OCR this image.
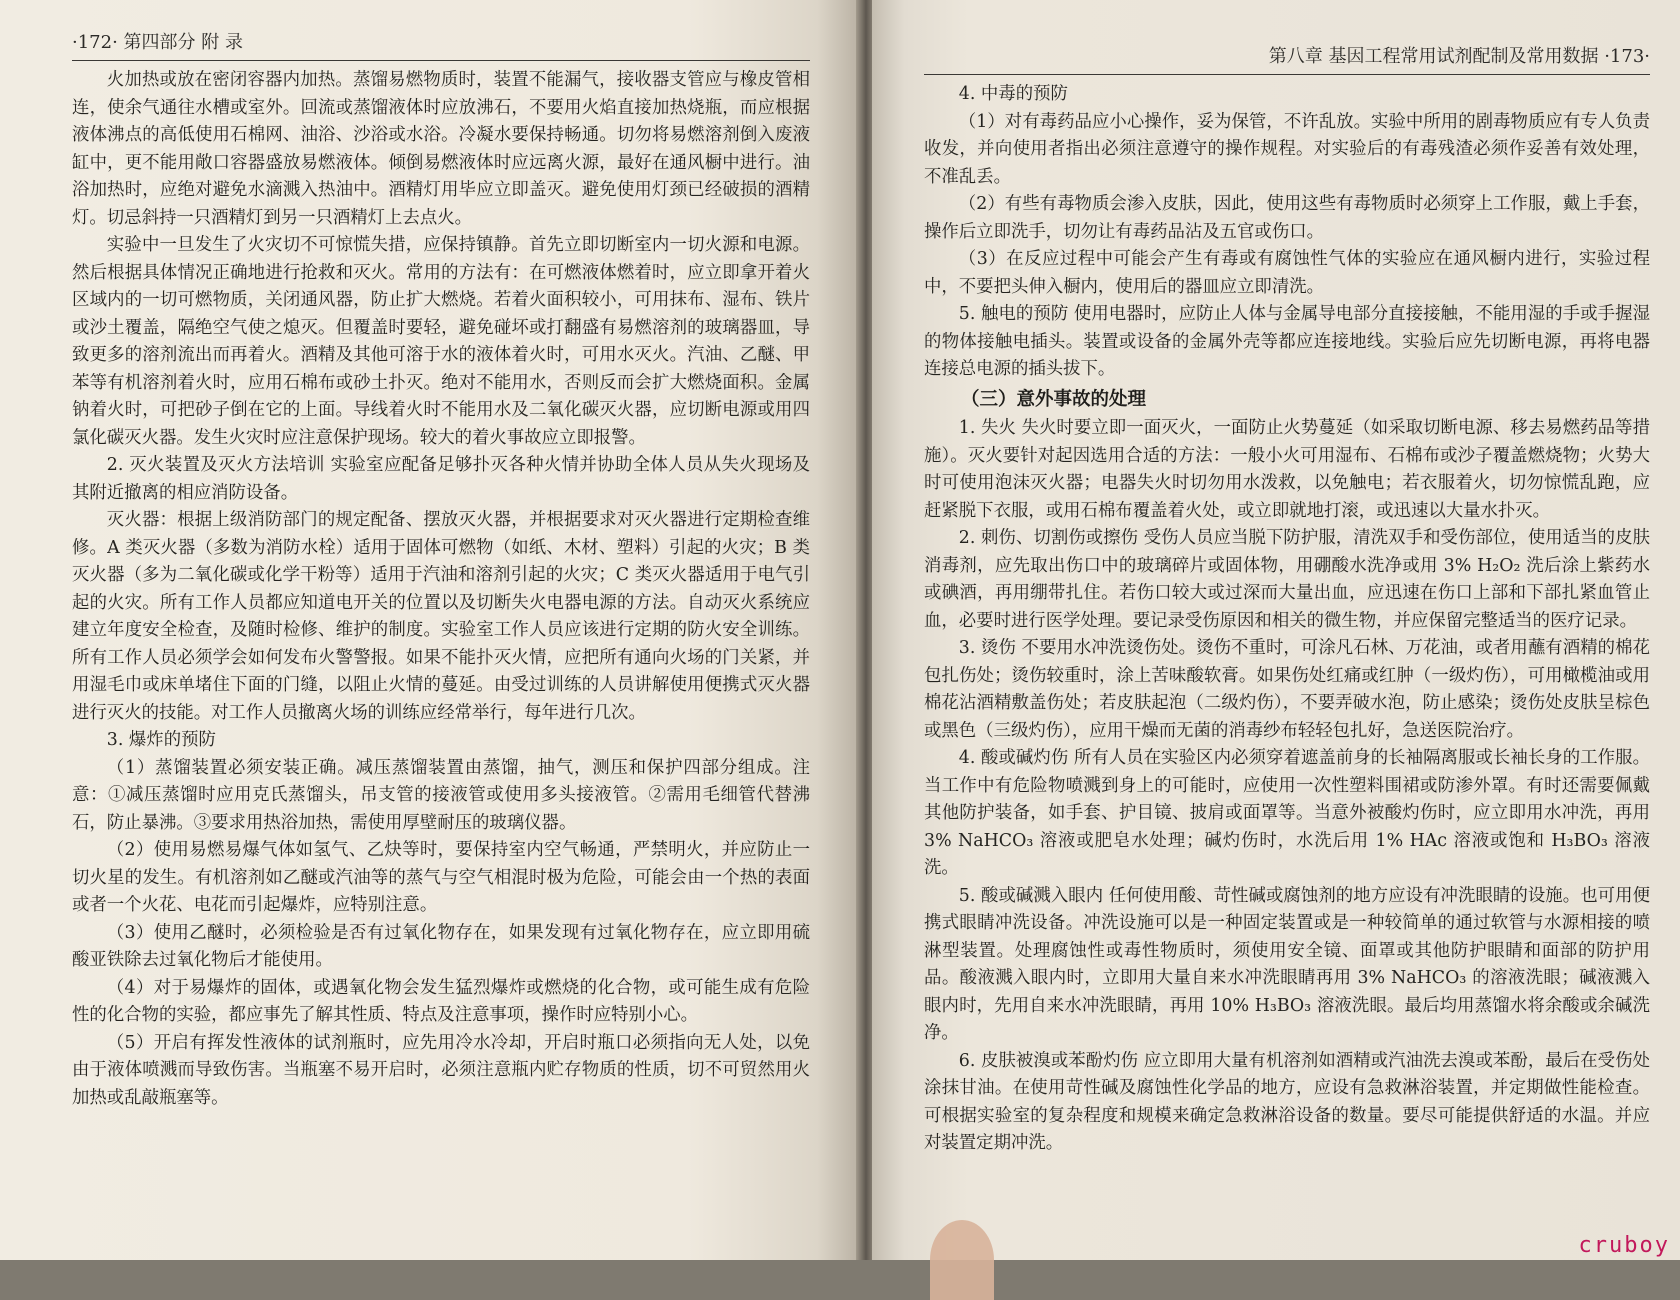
·172· 第四部分 附 录

火加热或放在密闭容器内加热。蒸馏易燃物质时，装置不能漏气，接收器支管应与橡皮管相连，使余气通往水槽或室外。回流或蒸馏液体时应放沸石，不要用火焰直接加热烧瓶，而应根据液体沸点的高低使用石棉网、油浴、沙浴或水浴。冷凝水要保持畅通。切勿将易燃溶剂倒入废液缸中，更不能用敞口容器盛放易燃液体。倾倒易燃液体时应远离火源，最好在通风橱中进行。油浴加热时，应绝对避免水滴溅入热油中。酒精灯用毕应立即盖灭。避免使用灯颈已经破损的酒精灯。切忌斜持一只酒精灯到另一只酒精灯上去点火。

实验中一旦发生了火灾切不可惊慌失措，应保持镇静。首先立即切断室内一切火源和电源。然后根据具体情况正确地进行抢救和灭火。常用的方法有：在可燃液体燃着时，应立即拿开着火区域内的一切可燃物质，关闭通风器，防止扩大燃烧。若着火面积较小，可用抹布、湿布、铁片或沙土覆盖，隔绝空气使之熄灭。但覆盖时要轻，避免碰坏或打翻盛有易燃溶剂的玻璃器皿，导致更多的溶剂流出而再着火。酒精及其他可溶于水的液体着火时，可用水灭火。汽油、乙醚、甲苯等有机溶剂着火时，应用石棉布或砂土扑灭。绝对不能用水，否则反而会扩大燃烧面积。金属钠着火时，可把砂子倒在它的上面。导线着火时不能用水及二氧化碳灭火器，应切断电源或用四氯化碳灭火器。发生火灾时应注意保护现场。较大的着火事故应立即报警。

2. 灭火装置及灭火方法培训 实验室应配备足够扑灭各种火情并协助全体人员从失火现场及其附近撤离的相应消防设备。

灭火器：根据上级消防部门的规定配备、摆放灭火器，并根据要求对灭火器进行定期检查维修。A 类灭火器（多数为消防水栓）适用于固体可燃物（如纸、木材、塑料）引起的火灾；B 类灭火器（多为二氧化碳或化学干粉等）适用于汽油和溶剂引起的火灾；C 类灭火器适用于电气引起的火灾。所有工作人员都应知道电开关的位置以及切断失火电器电源的方法。自动灭火系统应建立年度安全检查，及随时检修、维护的制度。实验室工作人员应该进行定期的防火安全训练。所有工作人员必须学会如何发布火警警报。如果不能扑灭火情，应把所有通向火场的门关紧，并用湿毛巾或床单堵住下面的门缝，以阻止火情的蔓延。由受过训练的人员讲解使用便携式灭火器进行灭火的技能。对工作人员撤离火场的训练应经常举行，每年进行几次。

3. 爆炸的预防

（1）蒸馏装置必须安装正确。减压蒸馏装置由蒸馏，抽气，测压和保护四部分组成。注意：①减压蒸馏时应用克氏蒸馏头，吊支管的接液管或使用多头接液管。②需用毛细管代替沸石，防止暴沸。③要求用热浴加热，需使用厚壁耐压的玻璃仪器。

（2）使用易燃易爆气体如氢气、乙炔等时，要保持室内空气畅通，严禁明火，并应防止一切火星的发生。有机溶剂如乙醚或汽油等的蒸气与空气相混时极为危险，可能会由一个热的表面或者一个火花、电花而引起爆炸，应特别注意。

（3）使用乙醚时，必须检验是否有过氧化物存在，如果发现有过氧化物存在，应立即用硫酸亚铁除去过氧化物后才能使用。

（4）对于易爆炸的固体，或遇氧化物会发生猛烈爆炸或燃烧的化合物，或可能生成有危险性的化合物的实验，都应事先了解其性质、特点及注意事项，操作时应特别小心。

（5）开启有挥发性液体的试剂瓶时，应先用冷水冷却，开启时瓶口必须指向无人处，以免由于液体喷溅而导致伤害。当瓶塞不易开启时，必须注意瓶内贮存物质的性质，切不可贸然用火加热或乱敲瓶塞等。

第八章 基因工程常用试剂配制及常用数据 ·173·

4. 中毒的预防

（1）对有毒药品应小心操作，妥为保管，不许乱放。实验中所用的剧毒物质应有专人负责收发，并向使用者指出必须注意遵守的操作规程。对实验后的有毒残渣必须作妥善有效处理，不准乱丢。

（2）有些有毒物质会渗入皮肤，因此，使用这些有毒物质时必须穿上工作服，戴上手套，操作后立即洗手，切勿让有毒药品沾及五官或伤口。

（3）在反应过程中可能会产生有毒或有腐蚀性气体的实验应在通风橱内进行，实验过程中，不要把头伸入橱内，使用后的器皿应立即清洗。

5. 触电的预防 使用电器时，应防止人体与金属导电部分直接接触，不能用湿的手或手握湿的物体接触电插头。装置或设备的金属外壳等都应连接地线。实验后应先切断电源，再将电器连接总电源的插头拔下。

（三）意外事故的处理

1. 失火 失火时要立即一面灭火，一面防止火势蔓延（如采取切断电源、移去易燃药品等措施）。灭火要针对起因选用合适的方法：一般小火可用湿布、石棉布或沙子覆盖燃烧物；火势大时可使用泡沫灭火器；电器失火时切勿用水泼救，以免触电；若衣服着火，切勿惊慌乱跑，应赶紧脱下衣服，或用石棉布覆盖着火处，或立即就地打滚，或迅速以大量水扑灭。

2. 刺伤、切割伤或擦伤 受伤人员应当脱下防护服，清洗双手和受伤部位，使用适当的皮肤消毒剂，应先取出伤口中的玻璃碎片或固体物，用硼酸水洗净或用 3% H₂O₂ 洗后涂上紫药水或碘酒，再用绷带扎住。若伤口较大或过深而大量出血，应迅速在伤口上部和下部扎紧血管止血，必要时进行医学处理。要记录受伤原因和相关的微生物，并应保留完整适当的医疗记录。

3. 烫伤 不要用水冲洗烫伤处。烫伤不重时，可涂凡石林、万花油，或者用蘸有酒精的棉花包扎伤处；烫伤较重时，涂上苦味酸软膏。如果伤处红痛或红肿（一级灼伤），可用橄榄油或用棉花沾酒精敷盖伤处；若皮肤起泡（二级灼伤），不要弄破水泡，防止感染；烫伤处皮肤呈棕色或黑色（三级灼伤），应用干燥而无菌的消毒纱布轻轻包扎好，急送医院治疗。

4. 酸或碱灼伤 所有人员在实验区内必须穿着遮盖前身的长袖隔离服或长袖长身的工作服。当工作中有危险物喷溅到身上的可能时，应使用一次性塑料围裙或防渗外罩。有时还需要佩戴其他防护装备，如手套、护目镜、披肩或面罩等。当意外被酸灼伤时，应立即用水冲洗，再用 3% NaHCO₃ 溶液或肥皂水处理；碱灼伤时，水洗后用 1% HAc 溶液或饱和 H₃BO₃ 溶液洗。

5. 酸或碱溅入眼内 任何使用酸、苛性碱或腐蚀剂的地方应设有冲洗眼睛的设施。也可用便携式眼睛冲洗设备。冲洗设施可以是一种固定装置或是一种较简单的通过软管与水源相接的喷淋型装置。处理腐蚀性或毒性物质时，须使用安全镜、面罩或其他防护眼睛和面部的防护用品。酸液溅入眼内时，立即用大量自来水冲洗眼睛再用 3% NaHCO₃ 的溶液洗眼；碱液溅入眼内时，先用自来水冲洗眼睛，再用 10% H₃BO₃ 溶液洗眼。最后均用蒸馏水将余酸或余碱洗净。

6. 皮肤被溴或苯酚灼伤 应立即用大量有机溶剂如酒精或汽油洗去溴或苯酚，最后在受伤处涂抹甘油。在使用苛性碱及腐蚀性化学品的地方，应设有急救淋浴装置，并定期做性能检查。可根据实验室的复杂程度和规模来确定急救淋浴设备的数量。要尽可能提供舒适的水温。并应对装置定期冲洗。

cruboy
